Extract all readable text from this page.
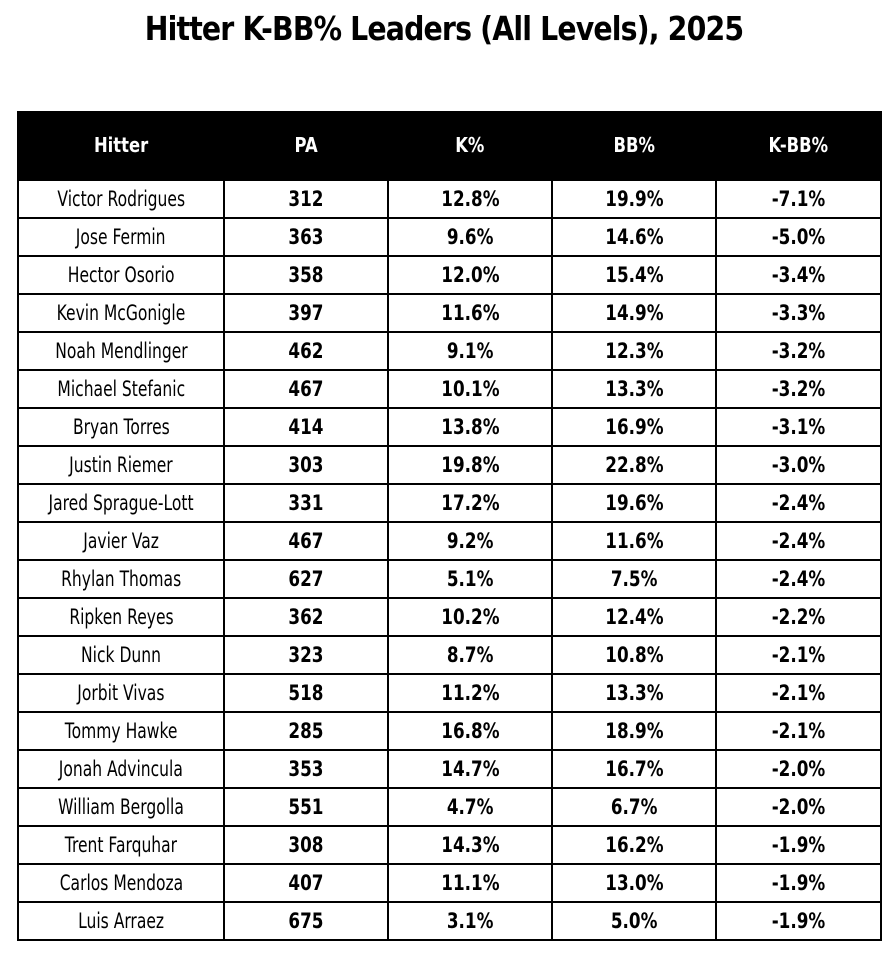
Hitter K-BB% Leaders (All Levels), 2025
Hitter	PA	K%	BB%	K-BB%
Victor Rodrigues	312	12.8%	19.9%	-7.1%
Jose Fermin	363	9.6%	14.6%	-5.0%
Hector Osorio	358	12.0%	15.4%	-3.4%
Kevin McGonigle	397	11.6%	14.9%	-3.3%
Noah Mendlinger	462	9.1%	12.3%	-3.2%
Michael Stefanic	467	10.1%	13.3%	-3.2%
Bryan Torres	414	13.8%	16.9%	-3.1%
Justin Riemer	303	19.8%	22.8%	-3.0%
Jared Sprague-Lott	331	17.2%	19.6%	-2.4%
Javier Vaz	467	9.2%	11.6%	-2.4%
Rhylan Thomas	627	5.1%	7.5%	-2.4%
Ripken Reyes	362	10.2%	12.4%	-2.2%
Nick Dunn	323	8.7%	10.8%	-2.1%
Jorbit Vivas	518	11.2%	13.3%	-2.1%
Tommy Hawke	285	16.8%	18.9%	-2.1%
Jonah Advincula	353	14.7%	16.7%	-2.0%
William Bergolla	551	4.7%	6.7%	-2.0%
Trent Farquhar	308	14.3%	16.2%	-1.9%
Carlos Mendoza	407	11.1%	13.0%	-1.9%
Luis Arraez	675	3.1%	5.0%	-1.9%
